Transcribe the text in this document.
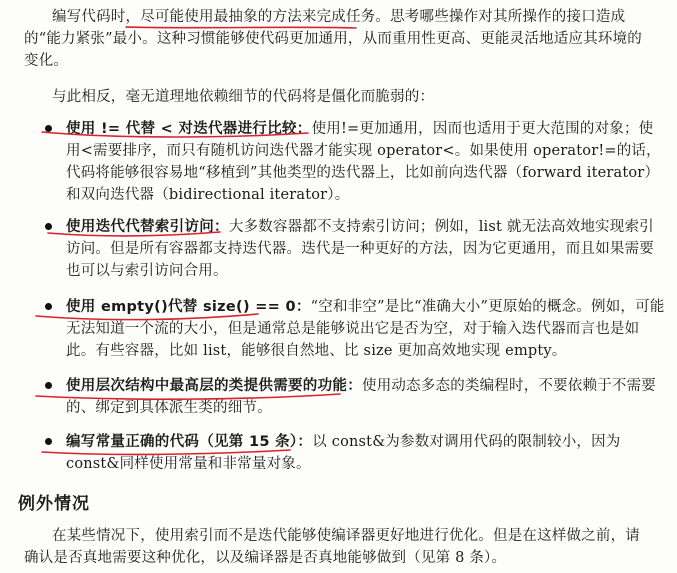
编写代码时，尽可能使用最抽象的方法来完成任务。思考哪些操作对其所操作的接口造成的“能力紧张”最小。这种习惯能够使代码更加通用，从而重用性更高、更能灵活地适应其环境的变化。

与此相反，毫无道理地依赖细节的代码将是僵化而脆弱的：

使用 != 代替 < 对迭代器进行比较：使用!=更加通用，因而也适用于更大范围的对象；使用<需要排序，而只有随机访问迭代器才能实现 operator<。如果使用 operator!=的话，代码将能够很容易地“移植到”其他类型的迭代器上，比如前向迭代器（forward iterator）和双向迭代器（bidirectional iterator）。
使用迭代代替索引访问：大多数容器都不支持索引访问；例如，list 就无法高效地实现索引访问。但是所有容器都支持迭代器。迭代是一种更好的方法，因为它更通用，而且如果需要也可以与索引访问合用。
使用 empty()代替 size() == 0：“空和非空”是比“准确大小”更原始的概念。例如，可能无法知道一个流的大小，但是通常总是能够说出它是否为空，对于输入迭代器而言也是如此。有些容器，比如 list，能够很自然地、比 size 更加高效地实现 empty。
使用层次结构中最高层的类提供需要的功能：使用动态多态的类编程时，不要依赖于不需要的、绑定到具体派生类的细节。
编写常量正确的代码（见第 15 条）：以 const&为参数对调用代码的限制较小，因为 const&同样使用常量和非常量对象。
例外情况

在某些情况下，使用索引而不是迭代能够使编译器更好地进行优化。但是在这样做之前，请确认是否真地需要这种优化，以及编译器是否真地能够做到（见第 8 条）。
